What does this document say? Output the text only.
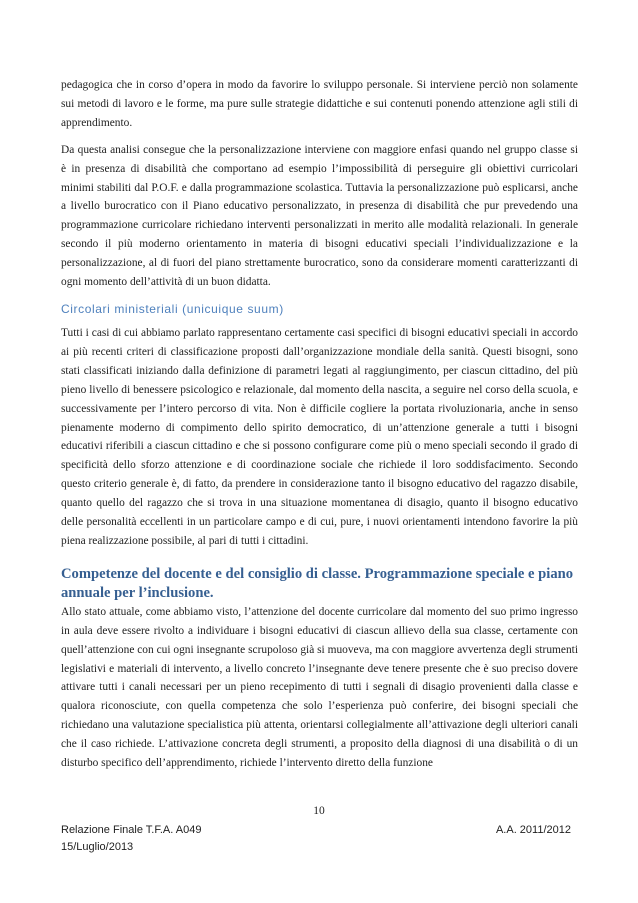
pedagogica che in corso d’opera in modo da favorire lo sviluppo personale. Si interviene perciò non solamente sui metodi di lavoro e le forme, ma pure sulle strategie didattiche e sui contenuti ponendo attenzione agli stili di apprendimento.

Da questa analisi consegue che la personalizzazione interviene con maggiore enfasi quando nel gruppo classe si è in presenza di disabilità che comportano ad esempio l’impossibilità di perseguire gli obiettivi curricolari minimi stabiliti dal P.O.F. e dalla programmazione scolastica. Tuttavia la personalizzazione può esplicarsi, anche a livello burocratico con il Piano educativo personalizzato, in presenza di disabilità che pur prevedendo una programmazione curricolare richiedano interventi personalizzati in merito alle modalità relazionali. In generale secondo il più moderno orientamento in materia di bisogni educativi speciali l’individualizzazione e la personalizzazione, al di fuori del piano strettamente burocratico, sono da considerare momenti caratterizzanti di ogni momento dell’attività di un buon didatta.

Circolari ministeriali (unicuique suum)

Tutti i casi di cui abbiamo parlato rappresentano certamente casi specifici di bisogni educativi speciali in accordo ai più recenti criteri di classificazione proposti dall’organizzazione mondiale della sanità. Questi bisogni, sono stati classificati iniziando dalla definizione di parametri legati al raggiungimento, per ciascun cittadino, del più pieno livello di benessere psicologico e relazionale, dal momento della nascita, a seguire nel corso della scuola, e successivamente per l’intero percorso di vita. Non è difficile cogliere la portata rivoluzionaria, anche in senso pienamente moderno di compimento dello spirito democratico, di un’attenzione generale a tutti i bisogni educativi riferibili a ciascun cittadino e che si possono configurare come più o meno speciali secondo il grado di specificità dello sforzo attenzione e di coordinazione sociale che richiede il loro soddisfacimento. Secondo questo criterio generale è, di fatto, da prendere in considerazione tanto il bisogno educativo del ragazzo disabile, quanto quello del ragazzo che si trova in una situazione momentanea di disagio, quanto il bisogno educativo delle personalità eccellenti in un particolare campo e di cui, pure, i nuovi orientamenti intendono favorire la più piena realizzazione possibile, al pari di tutti i cittadini.

Competenze del docente e del consiglio di classe. Programmazione speciale e piano annuale per l’inclusione.

Allo stato attuale, come abbiamo visto, l’attenzione del docente curricolare dal momento del suo primo ingresso in aula deve essere rivolto a individuare i bisogni educativi di ciascun allievo della sua classe, certamente con quell’attenzione con cui ogni insegnante scrupoloso già si muoveva, ma con maggiore avvertenza degli strumenti legislativi e materiali di intervento, a livello concreto l’insegnante deve tenere presente che è suo preciso dovere attivare tutti i canali necessari per un pieno recepimento di tutti i segnali di disagio provenienti dalla classe e qualora riconosciute, con quella competenza che solo l’esperienza può conferire, dei bisogni speciali che richiedano una valutazione specialistica più attenta, orientarsi collegialmente all’attivazione degli ulteriori canali che il caso richiede. L’attivazione concreta degli strumenti, a proposito della diagnosi di una disabilità o di un disturbo specifico dell’apprendimento, richiede l’intervento diretto della funzione

10
Relazione Finale T.F.A. A049	A.A. 2011/2012
15/Luglio/2013
